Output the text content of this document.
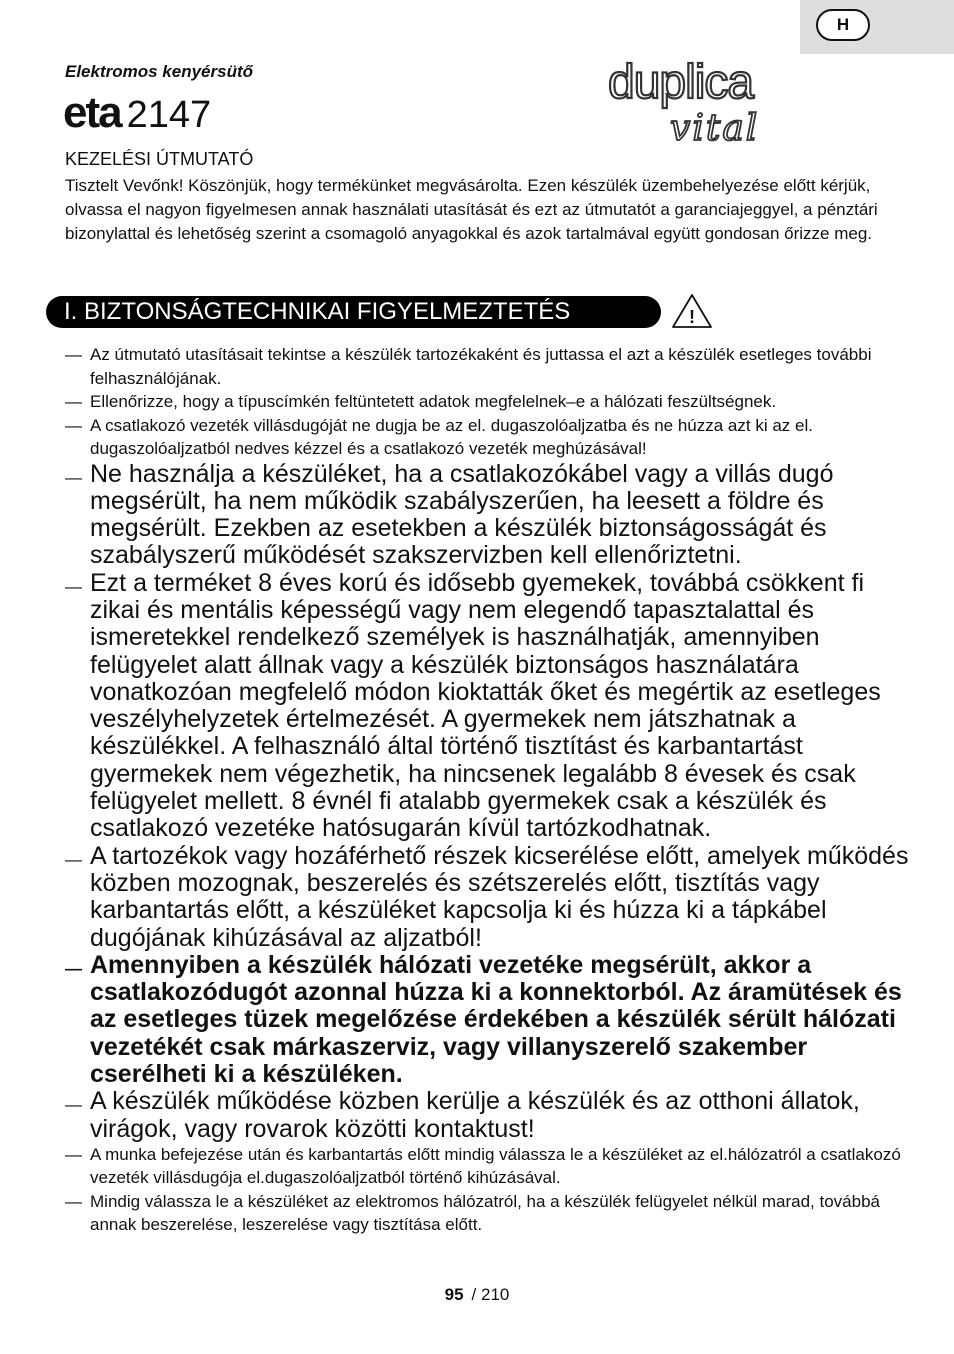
H
Elektromos kenyérsütő
eta 2147
duplica
vital
KEZELÉSI ÚTMUTATÓ
Tisztelt Vevőnk! Köszönjük, hogy termékünket megvásárolta. Ezen készülék üzembehelyezése előtt kérjük, olvassa el nagyon figyelmesen annak használati utasítását és ezt az útmutatót a garanciajeggyel, a pénztári bizonylattal és lehetőség szerint a csomagoló anyagokkal és azok tartalmával együtt gondosan őrizze meg.
I. BIZTONSÁGTECHNIKAI FIGYELMEZTETÉS	!
— Az útmutató utasításait tekintse a készülék tartozékaként és juttassa el azt a készülék esetleges további felhasználójának.
— Ellenőrizze, hogy a típuscímkén feltüntetett adatok megfelelnek–e a hálózati feszültségnek.
— A csatlakozó vezeték villásdugóját ne dugja be az el. dugaszolóaljzatba és ne húzza azt ki az el. dugaszolóaljzatból nedves kézzel és a csatlakozó vezeték meghúzásával!
— Ne használja a készüléket, ha a csatlakozókábel vagy a villás dugó megsérült, ha nem működik szabályszerűen, ha leesett a földre és megsérült. Ezekben az esetekben a készülék biztonságosságát és szabályszerű működését szakszervizben kell ellenőriztetni.
— Ezt a terméket 8 éves korú és idősebb gyemekek, továbbá csökkent fi zikai és mentális képességű vagy nem elegendő tapasztalattal és ismeretekkel rendelkező személyek is használhatják, amennyiben felügyelet alatt állnak vagy a készülék biztonságos használatára vonatkozóan megfelelő módon kioktatták őket és megértik az esetleges veszélyhelyzetek értelmezését. A gyermekek nem játszhatnak a készülékkel. A felhasználó által történő tisztítást és karbantartást gyermekek nem végezhetik, ha nincsenek legalább 8 évesek és csak felügyelet mellett. 8 évnél fi atalabb gyermekek csak a készülék és csatlakozó vezetéke hatósugarán kívül tartózkodhatnak.
— A tartozékok vagy hozáférhető részek kicserélése előtt, amelyek működés közben mozognak, beszerelés és szétszerelés előtt, tisztítás vagy karbantartás előtt, a készüléket kapcsolja ki és húzza ki a tápkábel dugójának kihúzásával az aljzatból!
— Amennyiben a készülék hálózati vezetéke megsérült, akkor a csatlakozódugót azonnal húzza ki a konnektorból. Az áramütések és az esetleges tüzek megelőzése érdekében a készülék sérült hálózati vezetékét csak márkaszerviz, vagy villanyszerelő szakember cserélheti ki a készüléken.
— A készülék működése közben kerülje a készülék és az otthoni állatok, virágok, vagy rovarok közötti kontaktust!
— A munka befejezése után és karbantartás előtt mindig válassza le a készüléket az el.hálózatról a csatlakozó vezeték villásdugója el.dugaszolóaljzatból történő kihúzásával.
— Mindig válassza le a készüléket az elektromos hálózatról, ha a készülék felügyelet nélkül marad, továbbá annak beszerelése, leszerelése vagy tisztítása előtt.
95 / 210
